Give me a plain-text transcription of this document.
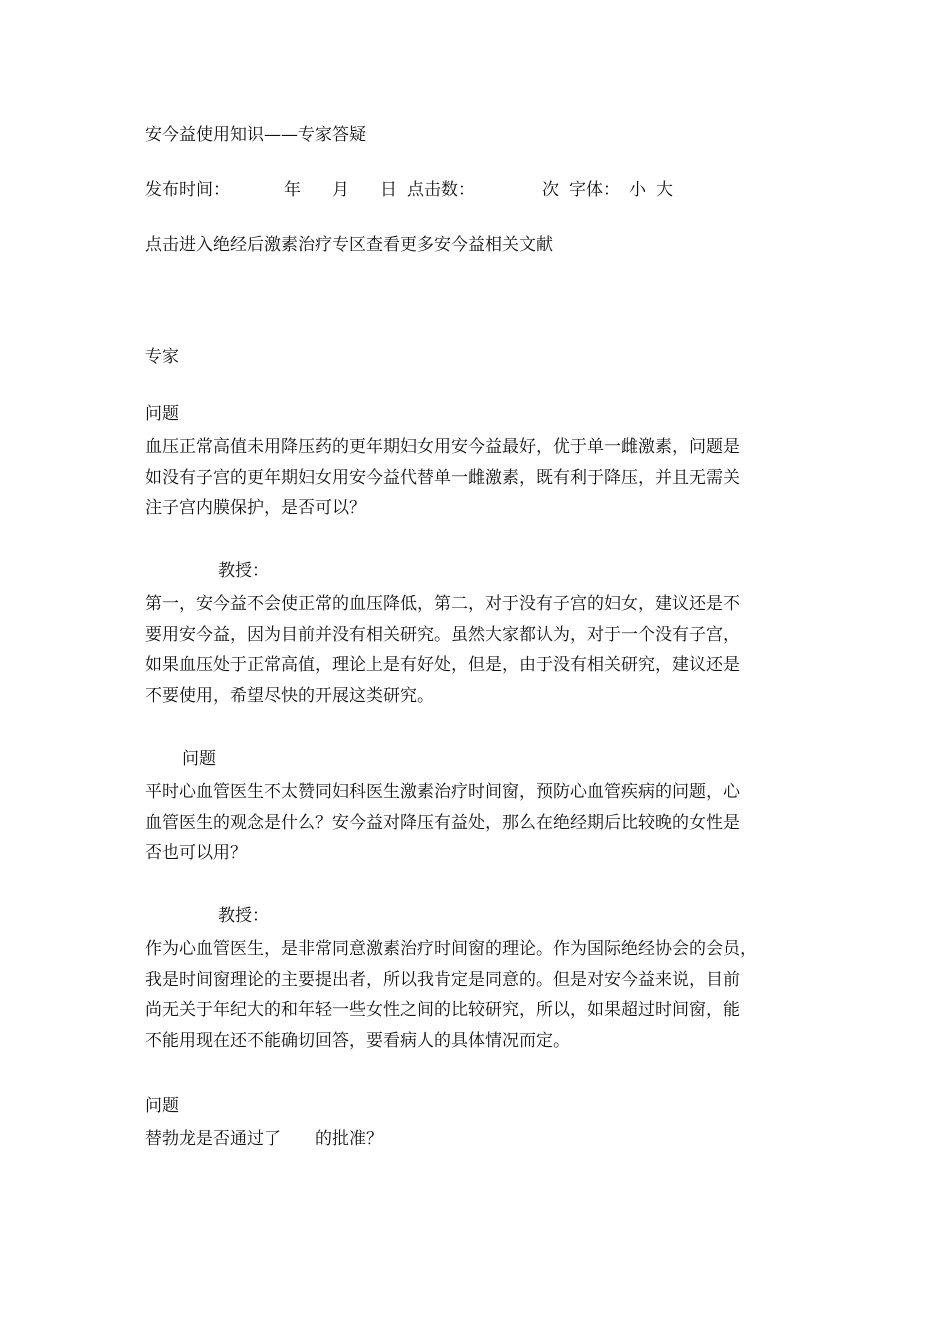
安今益使用知识——专家答疑
发布时间：	年 月 日 点击数：	次 字体： 小 大
点击进入绝经后激素治疗专区查看更多安今益相关文献
专家
问题
血压正常高值未用降压药的更年期妇女用安今益最好，优于单一雌激素，问题是
如没有子宫的更年期妇女用安今益代替单一雌激素，既有利于降压，并且无需关
注子宫内膜保护，是否可以？
教授：
第一，安今益不会使正常的血压降低，第二，对于没有子宫的妇女，建议还是不
要用安今益，因为目前并没有相关研究。虽然大家都认为，对于一个没有子宫，
如果血压处于正常高值，理论上是有好处，但是，由于没有相关研究，建议还是
不要使用，希望尽快的开展这类研究。
问题
平时心血管医生不太赞同妇科医生激素治疗时间窗，预防心血管疾病的问题，心
血管医生的观念是什么？安今益对降压有益处，那么在绝经期后比较晚的女性是
否也可以用？
教授：
作为心血管医生，是非常同意激素治疗时间窗的理论。作为国际绝经协会的会员，
我是时间窗理论的主要提出者，所以我肯定是同意的。但是对安今益来说，目前
尚无关于年纪大的和年轻一些女性之间的比较研究，所以，如果超过时间窗，能
不能用现在还不能确切回答，要看病人的具体情况而定。
问题
替勃龙是否通过了　　的批准？
